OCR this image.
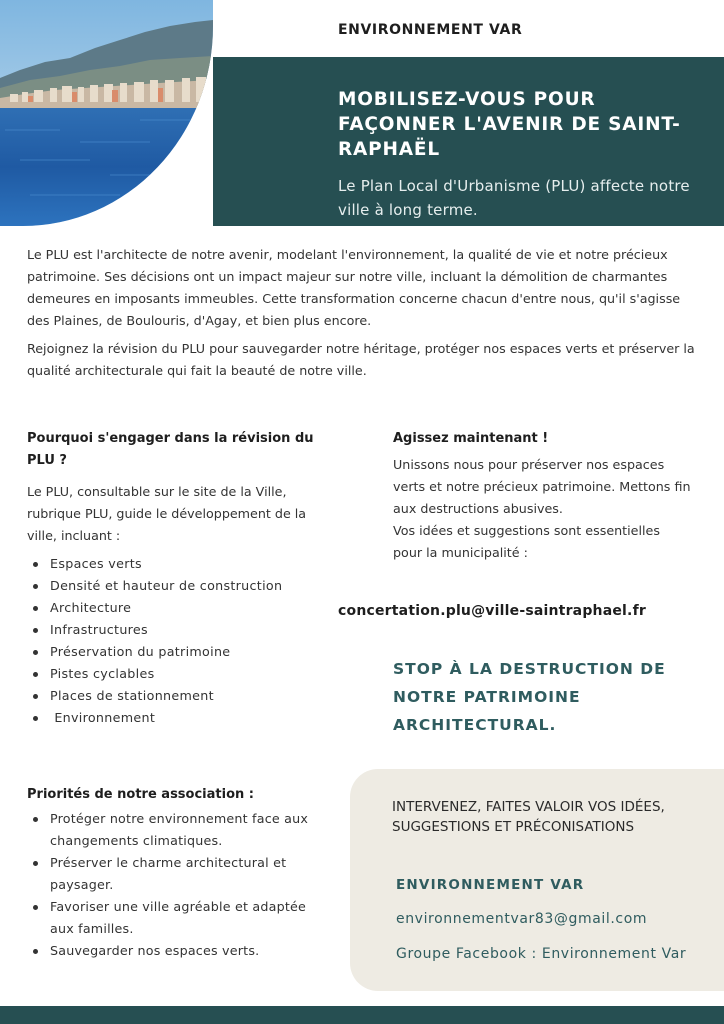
ENVIRONNEMENT VAR
MOBILISEZ-VOUS POUR FAÇONNER L'AVENIR DE SAINT-RAPHAËL
Le Plan Local d'Urbanisme (PLU) affecte notre ville à long terme.

Le PLU est l'architecte de notre avenir, modelant l'environnement, la qualité de vie et notre précieux patrimoine. Ses décisions ont un impact majeur sur notre ville, incluant la démolition de charmantes demeures en imposants immeubles. Cette transformation concerne chacun d'entre nous, qu'il s'agisse des Plaines, de Boulouris, d'Agay, et bien plus encore.

Rejoignez la révision du PLU pour sauvegarder notre héritage, protéger nos espaces verts et préserver la qualité architecturale qui fait la beauté de notre ville.

Pourquoi s'engager dans la révision du PLU ?
Le PLU, consultable sur le site de la Ville, rubrique PLU, guide le développement de la ville, incluant :
Espaces verts
Densité et hauteur de construction
Architecture
Infrastructures
Préservation du patrimoine
Pistes cyclables
Places de stationnement
Environnement
Agissez maintenant !
Unissons nous pour préserver nos espaces verts et notre précieux patrimoine. Mettons fin aux destructions abusives.
Vos idées et suggestions sont essentielles pour la municipalité :
concertation.plu@ville-saintraphael.fr
STOP À LA DESTRUCTION DE NOTRE PATRIMOINE ARCHITECTURAL.
Priorités de notre association :
Protéger notre environnement face aux changements climatiques.
Préserver le charme architectural et paysager.
Favoriser une ville agréable et adaptée aux familles.
Sauvegarder nos espaces verts.
INTERVENEZ, FAITES VALOIR VOS IDÉES, SUGGESTIONS ET PRÉCONISATIONS
ENVIRONNEMENT VAR
environnementvar83@gmail.com
Groupe Facebook : Environnement Var
